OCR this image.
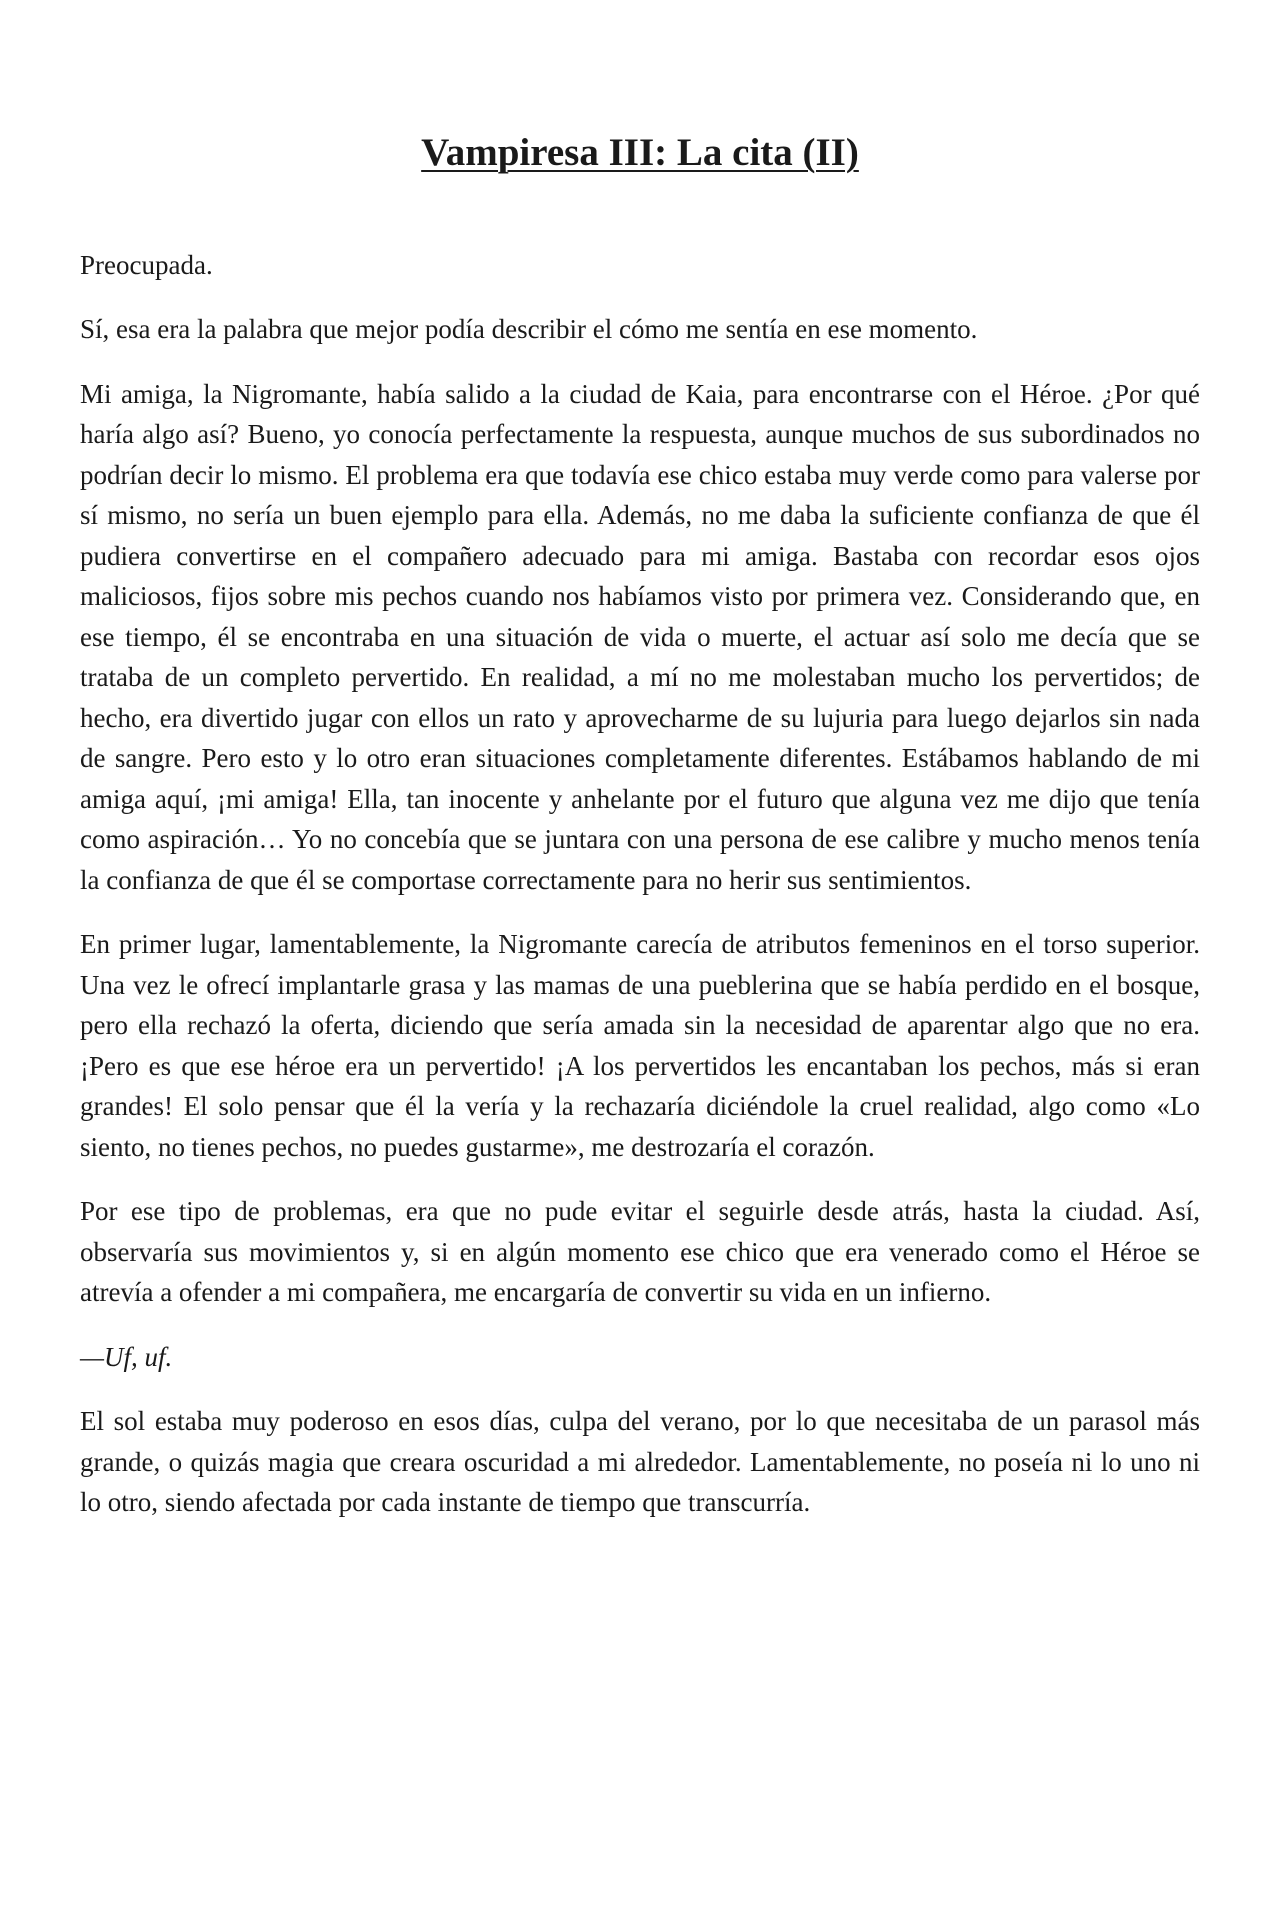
Vampiresa III: La cita (II)

Preocupada.

Sí, esa era la palabra que mejor podía describir el cómo me sentía en ese momento.

Mi amiga, la Nigromante, había salido a la ciudad de Kaia, para encontrarse con el Héroe. ¿Por qué haría algo así? Bueno, yo conocía perfectamente la respuesta, aunque muchos de sus subordinados no podrían decir lo mismo. El problema era que todavía ese chico estaba muy verde como para valerse por sí mismo, no sería un buen ejemplo para ella. Además, no me daba la suficiente confianza de que él pudiera convertirse en el compañero adecuado para mi amiga. Bastaba con recordar esos ojos maliciosos, fijos sobre mis pechos cuando nos habíamos visto por primera vez. Considerando que, en ese tiempo, él se encontraba en una situación de vida o muerte, el actuar así solo me decía que se trataba de un completo pervertido. En realidad, a mí no me molestaban mucho los pervertidos; de hecho, era divertido jugar con ellos un rato y aprovecharme de su lujuria para luego dejarlos sin nada de sangre. Pero esto y lo otro eran situaciones completamente diferentes. Estábamos hablando de mi amiga aquí, ¡mi amiga! Ella, tan inocente y anhelante por el futuro que alguna vez me dijo que tenía como aspiración… Yo no concebía que se juntara con una persona de ese calibre y mucho menos tenía la confianza de que él se comportase correctamente para no herir sus sentimientos.

En primer lugar, lamentablemente, la Nigromante carecía de atributos femeninos en el torso superior. Una vez le ofrecí implantarle grasa y las mamas de una pueblerina que se había perdido en el bosque, pero ella rechazó la oferta, diciendo que sería amada sin la necesidad de aparentar algo que no era. ¡Pero es que ese héroe era un pervertido! ¡A los pervertidos les encantaban los pechos, más si eran grandes! El solo pensar que él la vería y la rechazaría diciéndole la cruel realidad, algo como «Lo siento, no tienes pechos, no puedes gustarme», me destrozaría el corazón.

Por ese tipo de problemas, era que no pude evitar el seguirle desde atrás, hasta la ciudad. Así, observaría sus movimientos y, si en algún momento ese chico que era venerado como el Héroe se atrevía a ofender a mi compañera, me encargaría de convertir su vida en un infierno.

—Uf, uf.

El sol estaba muy poderoso en esos días, culpa del verano, por lo que necesitaba de un parasol más grande, o quizás magia que creara oscuridad a mi alrededor. Lamentablemente, no poseía ni lo uno ni lo otro, siendo afectada por cada instante de tiempo que transcurría.
